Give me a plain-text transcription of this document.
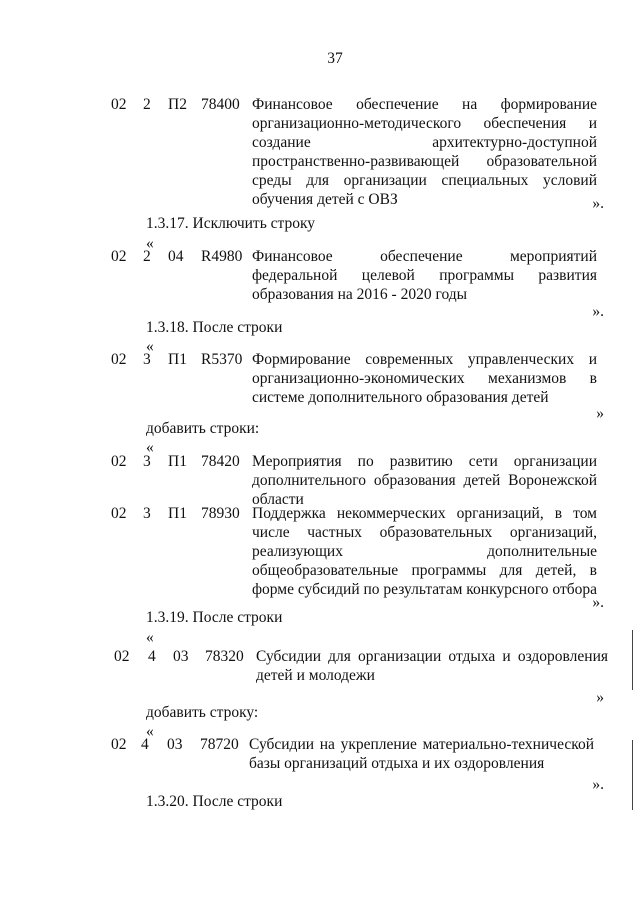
37
02 2 П2 78400 Финансовое обеспечение на формирование организационно-методического обеспечения и создание архитектурно-доступной пространственно-развивающей образовательной среды для организации специальных условий обучения детей с ОВЗ	».
1.3.17. Исключить строку
«
02 2 04 R4980 Финансовое обеспечение мероприятий федеральной целевой программы развития образования на 2016 - 2020 годы
».
1.3.18. После строки
«
02 3 П1 R5370 Формирование современных управленческих и организационно-экономических механизмов в системе дополнительного образования детей
»
добавить строки:
«
02 3 П1 78420 Мероприятия по развитию сети организации дополнительного образования детей Воронежской области
02 3 П1 78930 Поддержка некоммерческих организаций, в том числе частных образовательных организаций, реализующих дополнительные общеобразовательные программы для детей, в форме субсидий по результатам конкурсного отбора
».
1.3.19. После строки
«
02 4 03 78320 Субсидии для организации отдыха и оздоровления детей и молодежи
»
добавить строку:
«
02 4 03 78720 Субсидии на укрепление материально-технической базы организаций отдыха и их оздоровления
».
1.3.20. После строки
